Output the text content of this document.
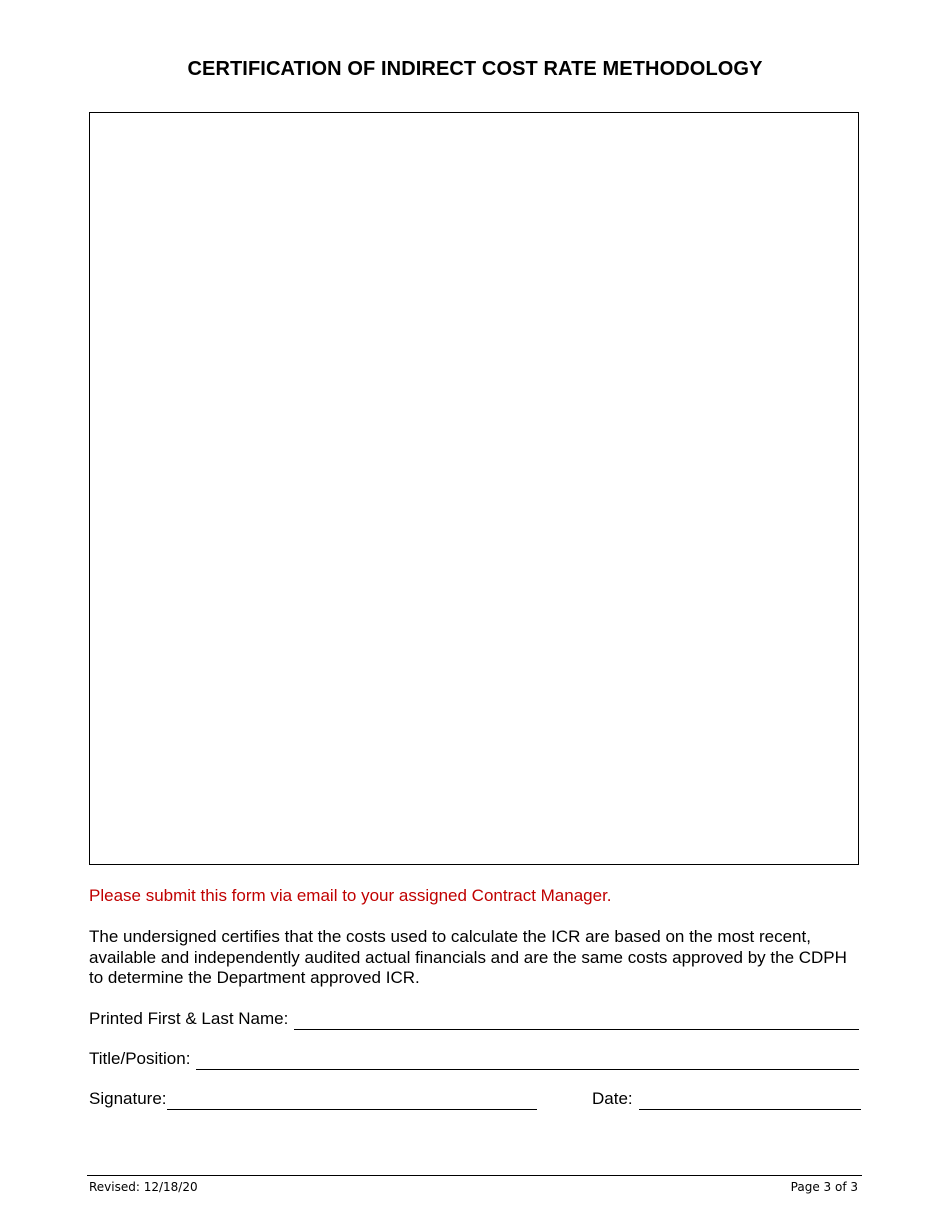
CERTIFICATION OF INDIRECT COST RATE METHODOLOGY
Please submit this form via email to your assigned Contract Manager.
The undersigned certifies that the costs used to calculate the ICR are based on the most recent, available and independently audited actual financials and are the same costs approved by the CDPH to determine the Department approved ICR.
Printed First & Last Name:
Title/Position:
Signature:	Date:
Revised: 12/18/20	Page 3 of 3
